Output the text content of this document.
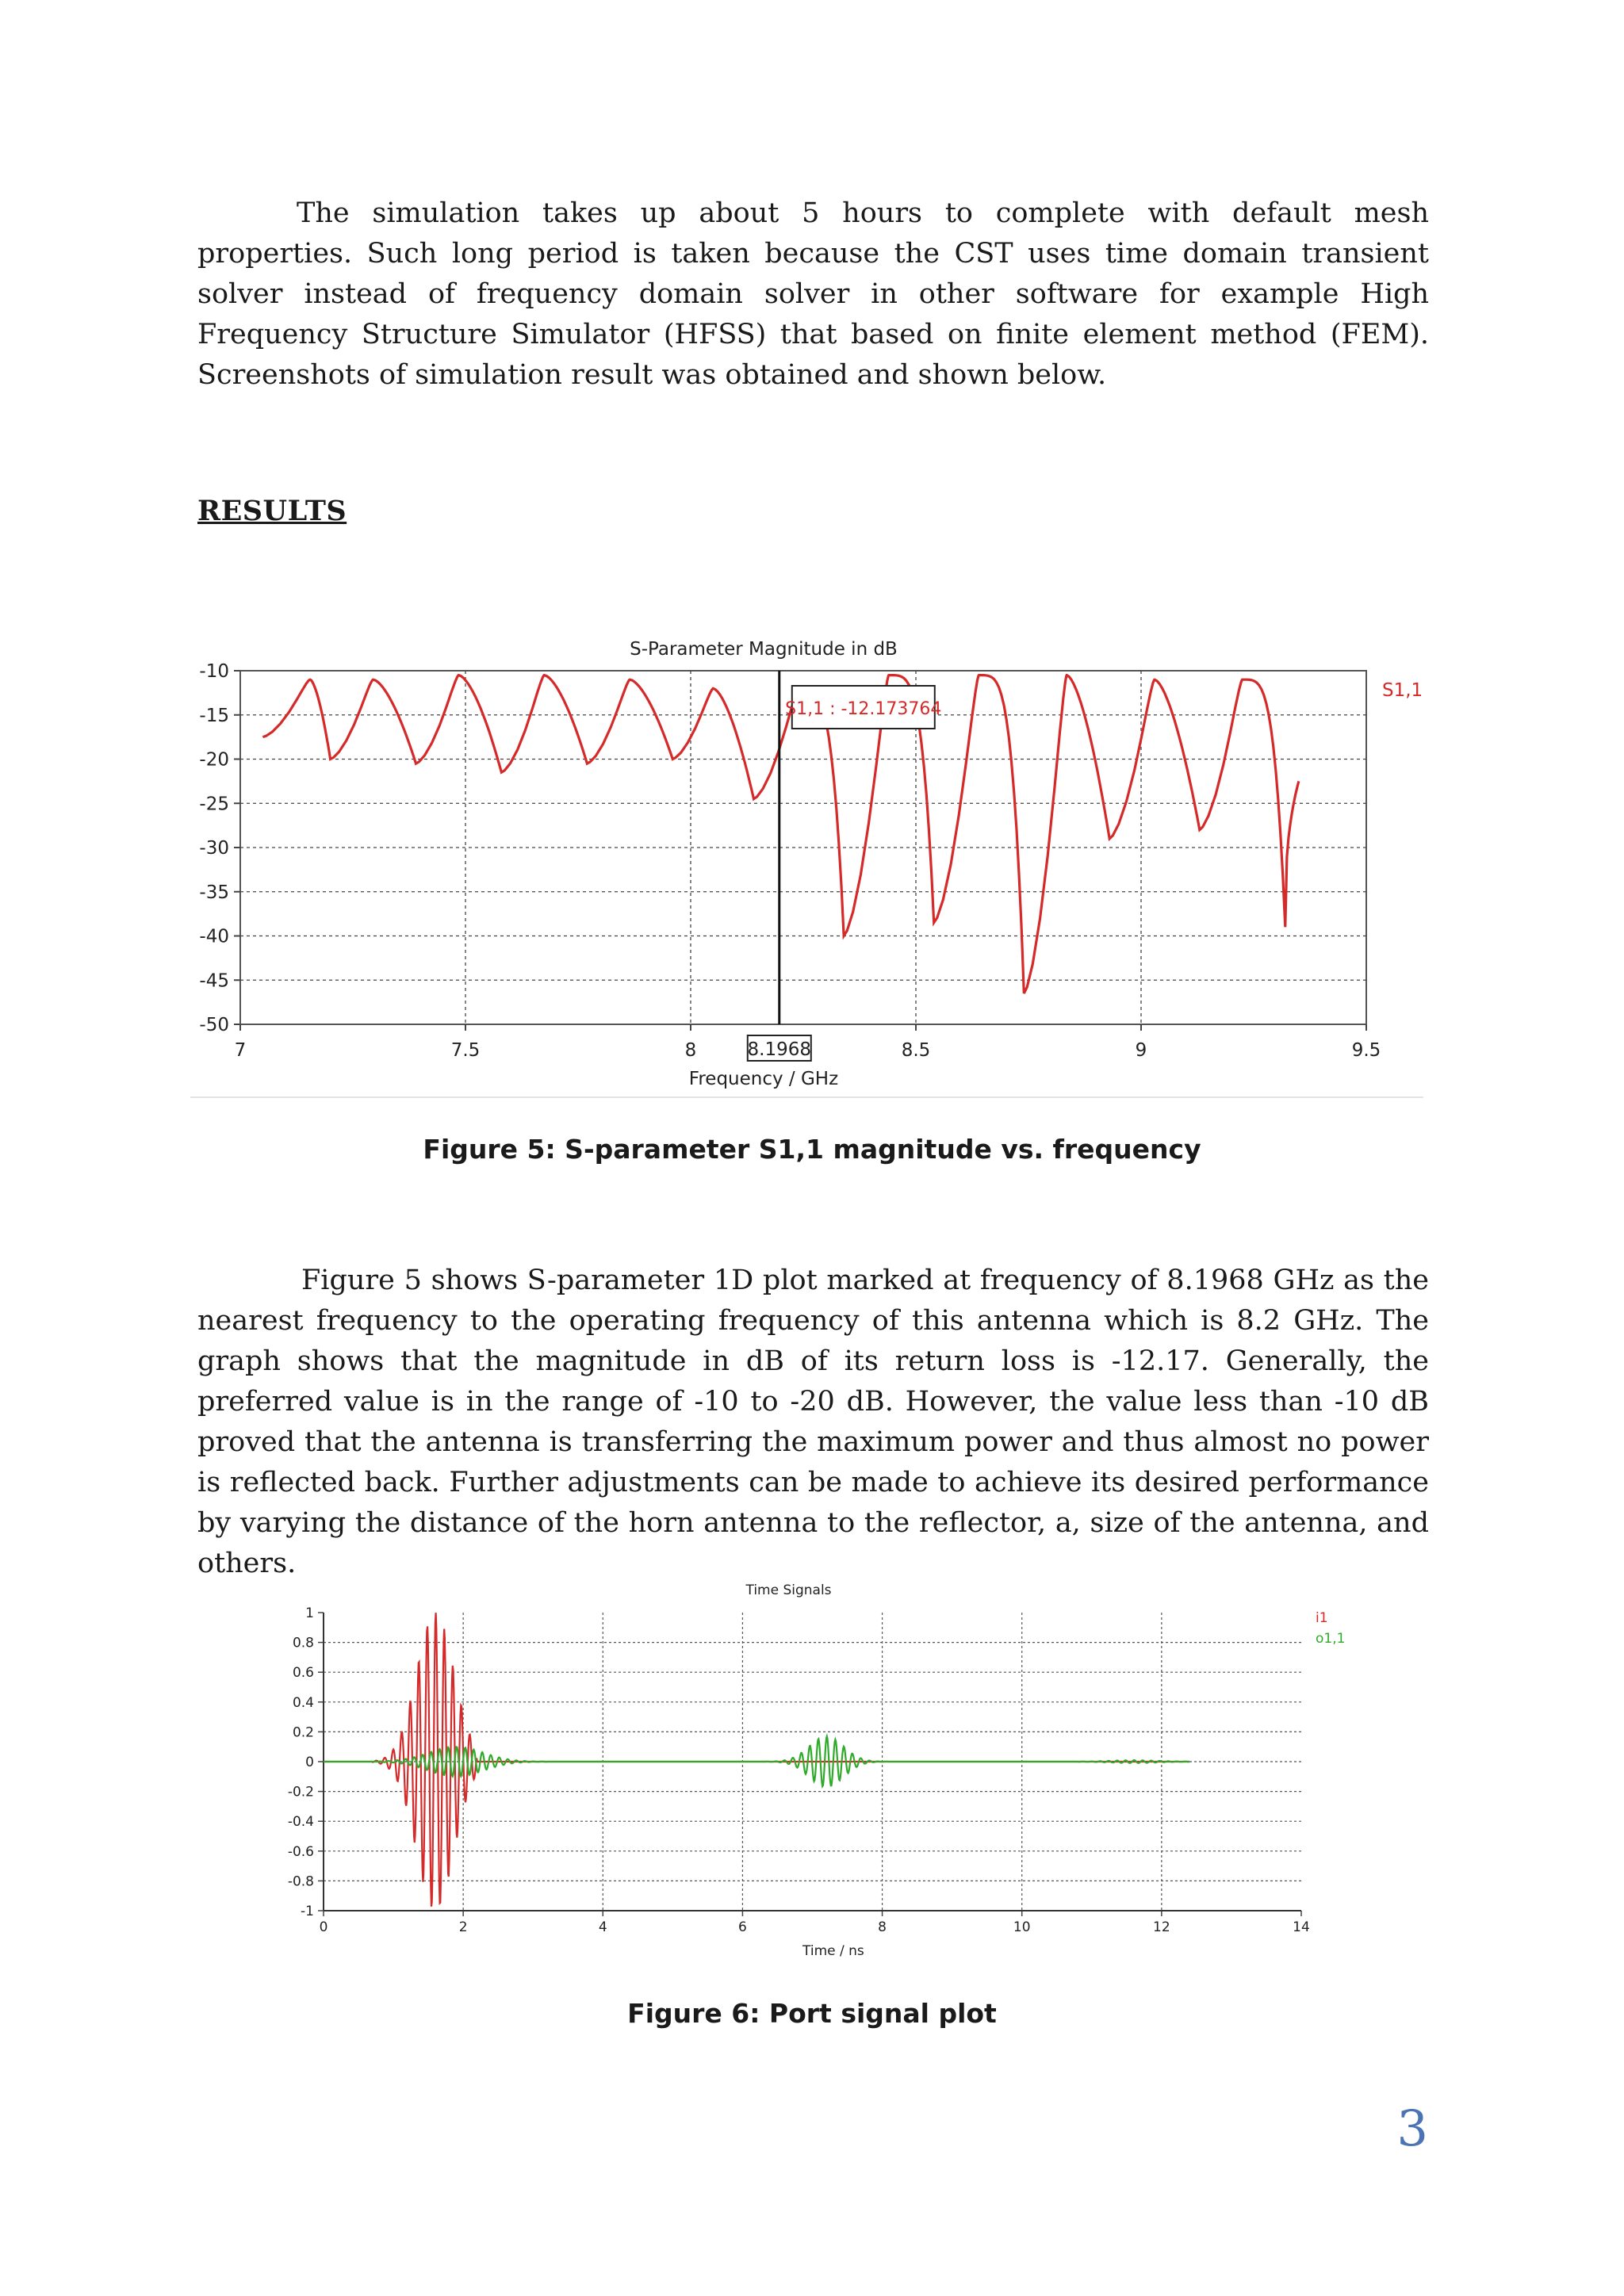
The simulation takes up about 5 hours to complete with default mesh properties. Such long period is taken because the CST uses time domain transient solver instead of frequency domain solver in other software for example High Frequency Structure Simulator (HFSS) that based on finite element method (FEM). Screenshots of simulation result was obtained and shown below.

RESULTS

-10
-15
-20
-25
-30
-35
-40
-45
-50
7	7.5	8	8.5	9	9.5
S-Parameter Magnitude in dB
Frequency / GHz
S1,1
S1,1 : -12.173764
8.1968

Figure 5: S-parameter S1,1 magnitude vs. frequency

Figure 5 shows S-parameter 1D plot marked at frequency of 8.1968 GHz as the nearest frequency to the operating frequency of this antenna which is 8.2 GHz. The graph shows that the magnitude in dB of its return loss is -12.17. Generally, the preferred value is in the range of -10 to -20 dB. However, the value less than -10 dB proved that the antenna is transferring the maximum power and thus almost no power is reflected back. Further adjustments can be made to achieve its desired performance by varying the distance of the horn antenna to the reflector, a, size of the antenna, and others.

Time Signals
1
0.8
0.6
0.4
0.2
0
-0.2
-0.4
-0.6
-0.8
-1
0	2	4	6	8	10	12	14
Time / ns
i1
o1,1

Figure 6: Port signal plot

3
